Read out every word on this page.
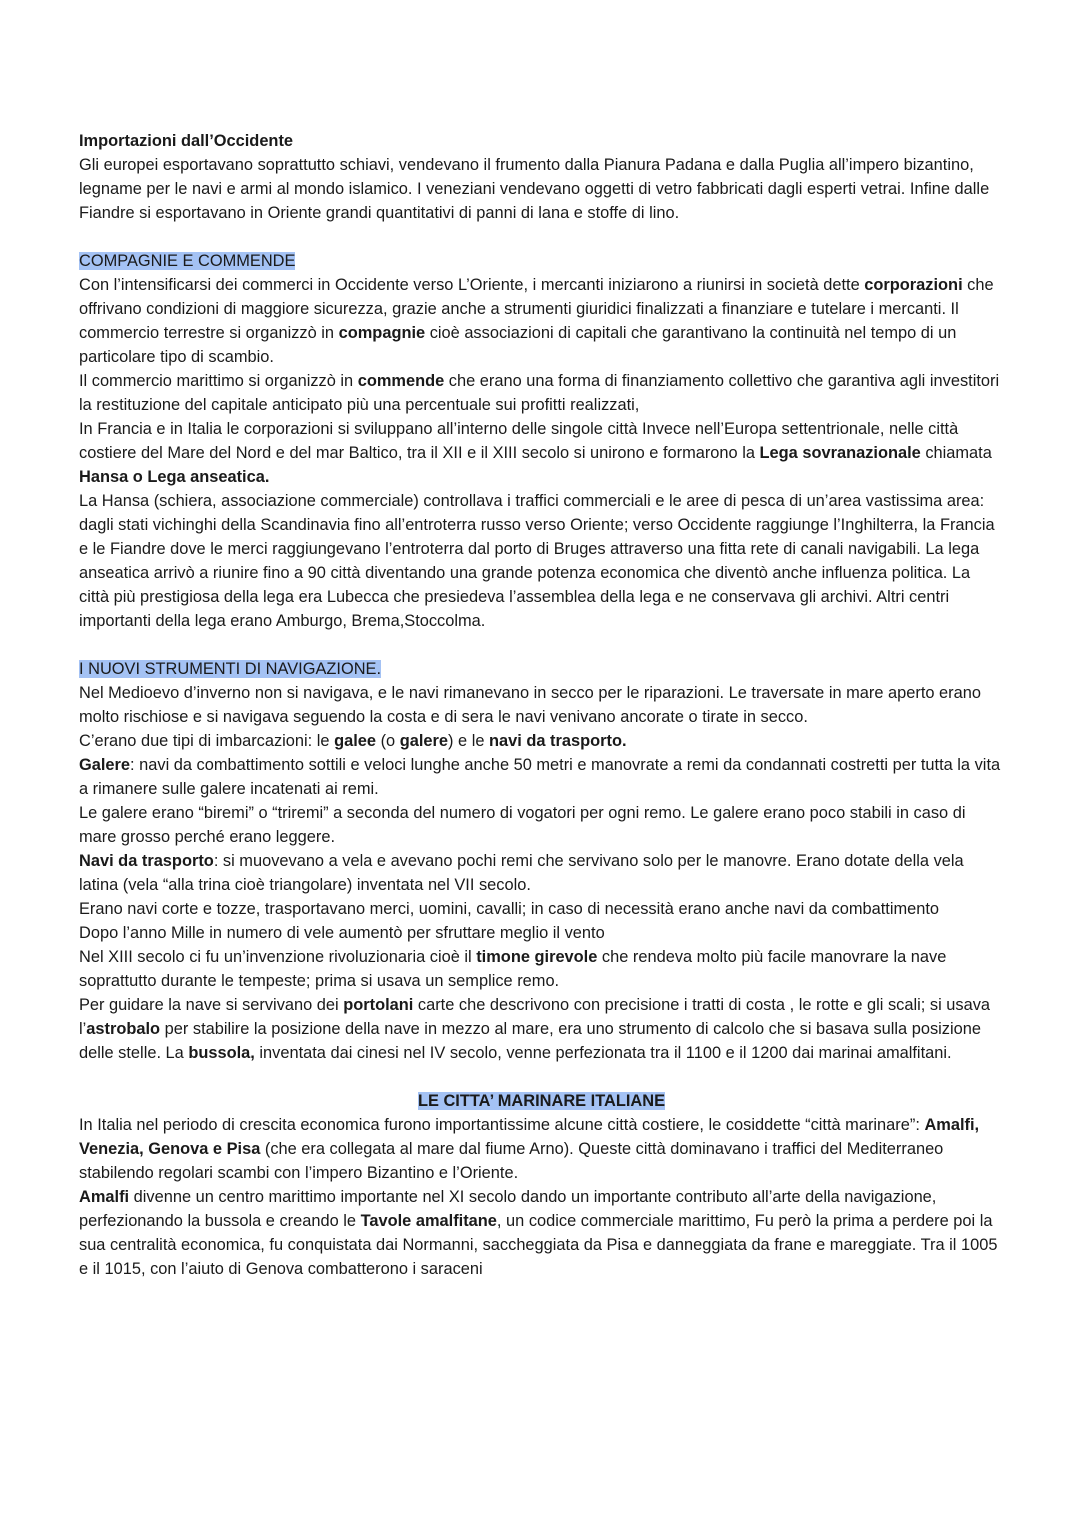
Importazioni dall’Occidente

Gli europei esportavano soprattutto schiavi, vendevano il frumento dalla Pianura Padana e dalla Puglia all’impero bizantino, legname per le navi e armi al mondo islamico. I veneziani vendevano oggetti di vetro fabbricati dagli esperti vetrai. Infine dalle Fiandre si esportavano in Oriente grandi quantitativi di panni di lana e stoffe di lino.

COMPAGNIE E COMMENDE

Con l’intensificarsi dei commerci in Occidente verso L’Oriente, i mercanti iniziarono a riunirsi in società dette corporazioni che offrivano condizioni di maggiore sicurezza, grazie anche a strumenti giuridici finalizzati a finanziare e tutelare i mercanti. Il commercio terrestre si organizzò in compagnie cioè associazioni di capitali che garantivano la continuità nel tempo di un particolare tipo di scambio.

Il commercio marittimo si organizzò in commende che erano una forma di finanziamento collettivo che garantiva agli investitori la restituzione del capitale anticipato più una percentuale sui profitti realizzati,

In Francia e in Italia le corporazioni si sviluppano all’interno delle singole città Invece nell’Europa settentrionale, nelle città costiere del Mare del Nord e del mar Baltico, tra il XII e il XIII secolo si unirono e formarono la Lega sovranazionale chiamata Hansa o Lega anseatica.

La Hansa (schiera, associazione commerciale) controllava i traffici commerciali e le aree di pesca di un’area vastissima area: dagli stati vichinghi della Scandinavia fino all’entroterra russo verso Oriente; verso Occidente raggiunge l’Inghilterra, la Francia e le Fiandre dove le merci raggiungevano l’entroterra dal porto di Bruges attraverso una fitta rete di canali navigabili. La lega anseatica arrivò a riunire fino a 90 città diventando una grande potenza economica che diventò anche influenza politica. La città più prestigiosa della lega era Lubecca che presiedeva l’assemblea della lega e ne conservava gli archivi. Altri centri importanti della lega erano Amburgo, Brema,Stoccolma.

I NUOVI STRUMENTI DI NAVIGAZIONE.

Nel Medioevo d’inverno non si navigava, e le navi rimanevano in secco per le riparazioni. Le traversate in mare aperto erano molto rischiose e si navigava seguendo la costa e di sera le navi venivano ancorate o tirate in secco.

C’erano due tipi di imbarcazioni: le galee (o galere) e le navi da trasporto.

Galere: navi da combattimento sottili e veloci lunghe anche 50 metri e manovrate a remi da condannati costretti per tutta la vita a rimanere sulle galere incatenati ai remi.

Le galere erano “biremi” o “triremi” a seconda del numero di vogatori per ogni remo. Le galere erano poco stabili in caso di mare grosso perché erano leggere.

Navi da trasporto: si muovevano a vela e avevano pochi remi che servivano solo per le manovre. Erano dotate della vela latina (vela “alla trina cioè triangolare) inventata nel VII secolo.

Erano navi corte e tozze, trasportavano merci, uomini, cavalli; in caso di necessità erano anche navi da combattimento

Dopo l’anno Mille in numero di vele aumentò per sfruttare meglio il vento

Nel XIII secolo ci fu un’invenzione rivoluzionaria cioè il timone girevole che rendeva molto più facile manovrare la nave soprattutto durante le tempeste; prima si usava un semplice remo.

Per guidare la nave si servivano dei portolani carte che descrivono con precisione i tratti di costa , le rotte e gli scali; si usava l’astrobalo per stabilire la posizione della nave in mezzo al mare, era uno strumento di calcolo che si basava sulla posizione delle stelle. La bussola, inventata dai cinesi nel IV secolo, venne perfezionata tra il 1100 e il 1200 dai marinai amalfitani.

LE CITTA’ MARINARE ITALIANE

In Italia nel periodo di crescita economica furono importantissime alcune città costiere, le cosiddette “città marinare”: Amalfi, Venezia, Genova e Pisa (che era collegata al mare dal fiume Arno). Queste città dominavano i traffici del Mediterraneo stabilendo regolari scambi con l’impero Bizantino e l’Oriente.

Amalfi divenne un centro marittimo importante nel XI secolo dando un importante contributo all’arte della navigazione, perfezionando la bussola e creando le Tavole amalfitane, un codice commerciale marittimo, Fu però la prima a perdere poi la sua centralità economica, fu conquistata dai Normanni, saccheggiata da Pisa e danneggiata da frane e mareggiate. Tra il 1005 e il 1015, con l’aiuto di Genova combatterono i saraceni
